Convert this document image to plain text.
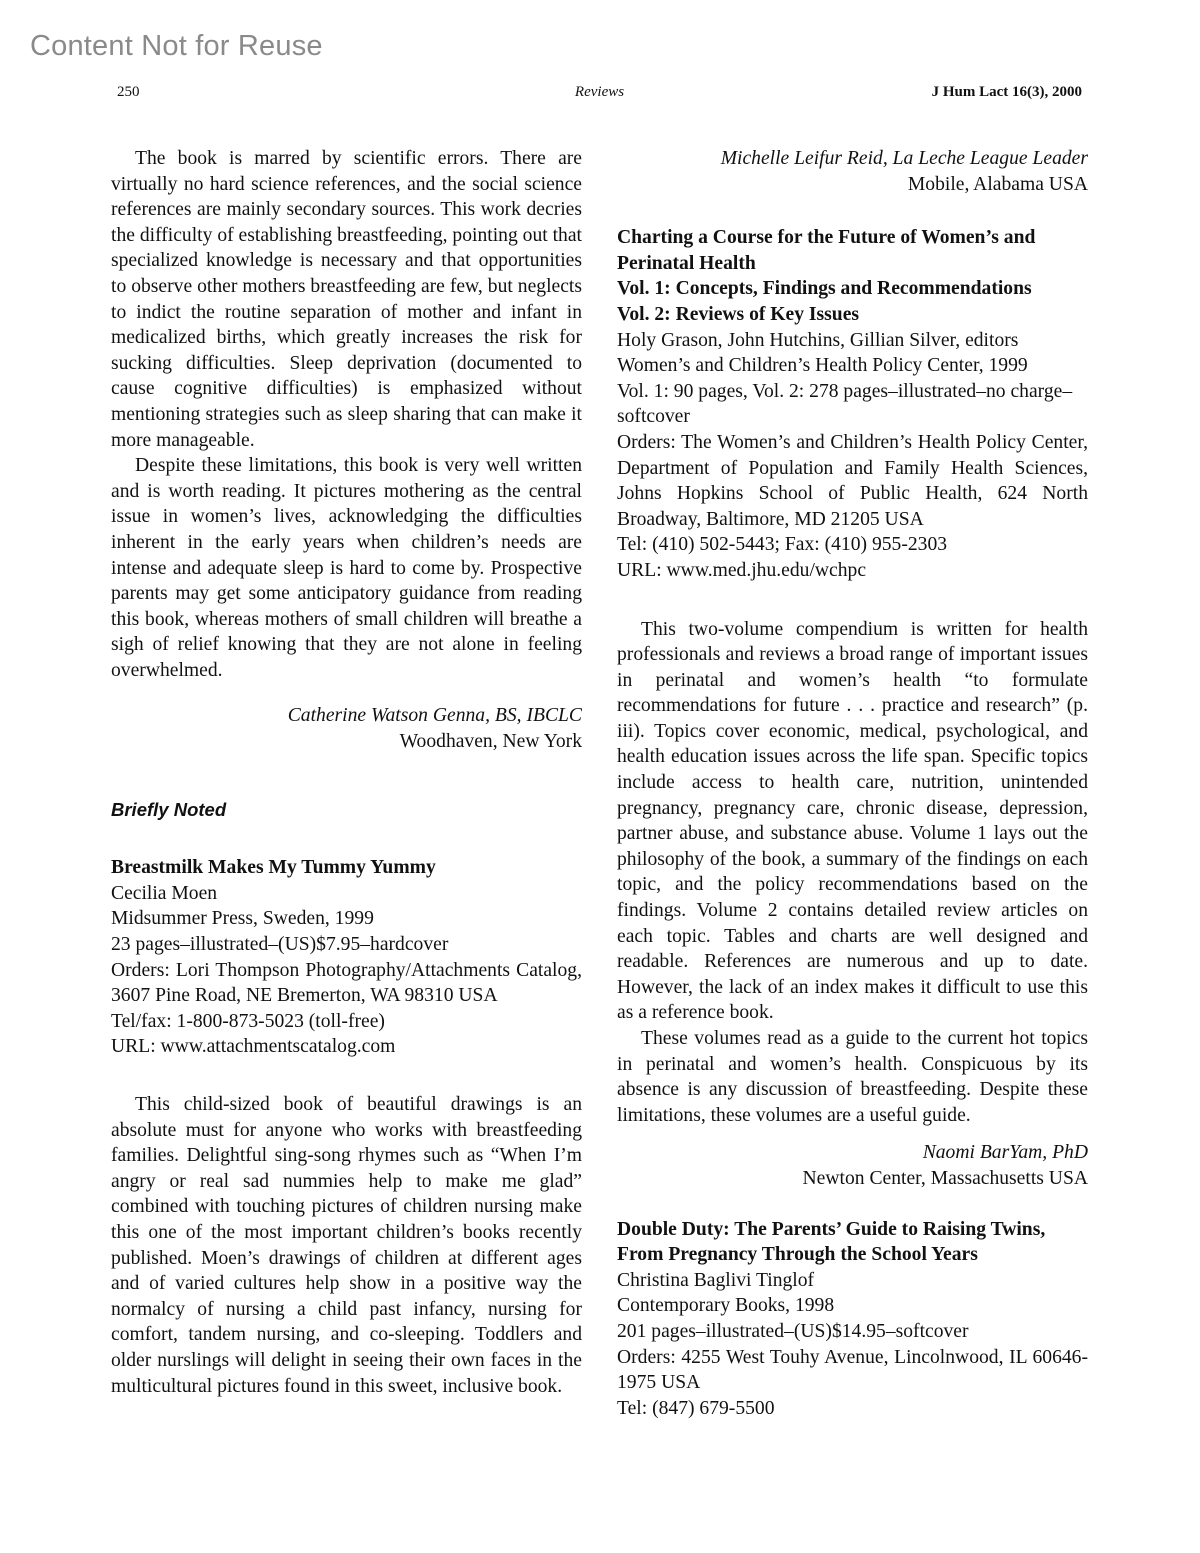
Content Not for Reuse
250	Reviews	J Hum Lact 16(3), 2000

The book is marred by scientific errors. There are virtually no hard science references, and the social science references are mainly secondary sources. This work decries the difficulty of establishing breastfeeding, pointing out that specialized knowledge is necessary and that opportunities to observe other mothers breastfeeding are few, but neglects to indict the routine separation of mother and infant in medicalized births, which greatly increases the risk for sucking difficulties. Sleep deprivation (documented to cause cognitive difficulties) is emphasized without mentioning strategies such as sleep sharing that can make it more manageable.

Despite these limitations, this book is very well written and is worth reading. It pictures mothering as the central issue in women’s lives, acknowledging the difficulties inherent in the early years when children’s needs are intense and adequate sleep is hard to come by. Prospective parents may get some anticipatory guidance from reading this book, whereas mothers of small children will breathe a sigh of relief knowing that they are not alone in feeling overwhelmed.

Catherine Watson Genna, BS, IBCLC
Woodhaven, New York
Briefly Noted
Breastmilk Makes My Tummy Yummy
Cecilia Moen
Midsummer Press, Sweden, 1999
23 pages–illustrated–(US)$7.95–hardcover
Orders: Lori Thompson Photography/Attachments Catalog, 3607 Pine Road, NE Bremerton, WA 98310 USA
Tel/fax: 1-800-873-5023 (toll-free)
URL: www.attachmentscatalog.com

This child-sized book of beautiful drawings is an absolute must for anyone who works with breastfeeding families. Delightful sing-song rhymes such as “When I’m angry or real sad nummies help to make me glad” combined with touching pictures of children nursing make this one of the most important children’s books recently published. Moen’s drawings of children at different ages and of varied cultures help show in a positive way the normalcy of nursing a child past infancy, nursing for comfort, tandem nursing, and co-sleeping. Toddlers and older nurslings will delight in seeing their own faces in the multicultural pictures found in this sweet, inclusive book.

Michelle Leifur Reid, La Leche League Leader
Mobile, Alabama USA
Charting a Course for the Future of Women’s and Perinatal Health
Vol. 1: Concepts, Findings and Recommendations
Vol. 2: Reviews of Key Issues
Holy Grason, John Hutchins, Gillian Silver, editors
Women’s and Children’s Health Policy Center, 1999
Vol. 1: 90 pages, Vol. 2: 278 pages–illustrated–no charge–softcover
Orders: The Women’s and Children’s Health Policy Center, Department of Population and Family Health Sciences, Johns Hopkins School of Public Health, 624 North Broadway, Baltimore, MD 21205 USA
Tel: (410) 502-5443; Fax: (410) 955-2303
URL: www.med.jhu.edu/wchpc

This two-volume compendium is written for health professionals and reviews a broad range of important issues in perinatal and women’s health “to formulate recommendations for future . . . practice and research” (p. iii). Topics cover economic, medical, psychological, and health education issues across the life span. Specific topics include access to health care, nutrition, unintended pregnancy, pregnancy care, chronic disease, depression, partner abuse, and substance abuse. Volume 1 lays out the philosophy of the book, a summary of the findings on each topic, and the policy recommendations based on the findings. Volume 2 contains detailed review articles on each topic. Tables and charts are well designed and readable. References are numerous and up to date. However, the lack of an index makes it difficult to use this as a reference book.

These volumes read as a guide to the current hot topics in perinatal and women’s health. Conspicuous by its absence is any discussion of breastfeeding. Despite these limitations, these volumes are a useful guide.

Naomi BarYam, PhD
Newton Center, Massachusetts USA
Double Duty: The Parents’ Guide to Raising Twins, From Pregnancy Through the School Years
Christina Baglivi Tinglof
Contemporary Books, 1998
201 pages–illustrated–(US)$14.95–softcover
Orders: 4255 West Touhy Avenue, Lincolnwood, IL 60646-1975 USA
Tel: (847) 679-5500
